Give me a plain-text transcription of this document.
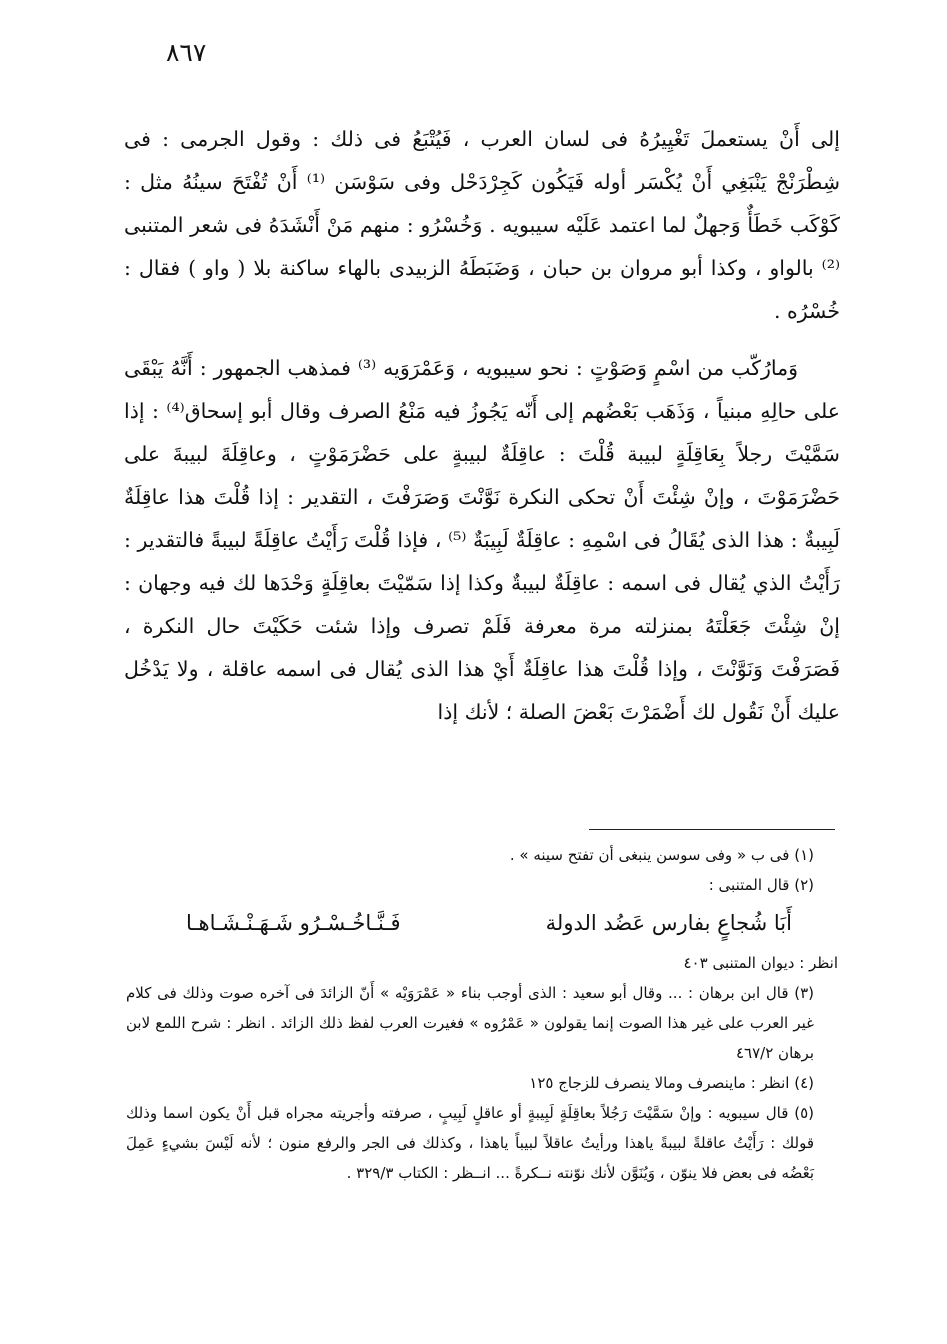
٨٦٧

إلى أَنْ يستعملَ تَغْيِيرُهُ فى لسان العرب ، فَيُتْبَعُ فى ذلك : وقول الجرمى : فى شِطْرَنْجْ يَنْبَغِي أَنْ يُكْسَر أوله فَيَكُون كَجِرْدَحْل وفى سَوْسَن ⁽¹⁾ أَنْ تُفْتَحَ سينُهُ مثل : كَوْكَب خَطَأٌ وَجهلٌ لما اعتمد عَلَيْه سيبويه . وَخُسْرُو : منهم مَنْ أَنْشَدَهُ فى شعر المتنبى ⁽²⁾ بالواو ، وكذا أبو مروان بن حبان ، وَضَبَطَهُ الزبيدى بالهاء ساكنة بلا ( واو ) فقال : خُسْرُه .

وَمارُكّب من اسْمٍ وَصَوْتٍ : نحو سيبويه ، وَعَمْرَوَيه ⁽³⁾ فمذهب الجمهور : أَنَّهُ يَبْقَى على حالِهِ مبنياً ، وَذَهَب بَعْضُهم إلى أَنّه يَجُوزُ فيه مَنْعُ الصرف وقال أبو إسحاق⁽⁴⁾ : إذا سَمَّيْتَ رجلاً بِعَاقِلَةٍ لبيبة قُلْتَ : عاقِلَةٌ لبيبةٍ على حَضْرَمَوْتٍ ، وعاقِلَةَ لبيبةَ على حَضْرَمَوْتَ ، وإنْ شِئْتَ أَنْ تحكى النكرة نَوَّنْتَ وَصَرَفْتَ ، التقدير : إذا قُلْتَ هذا عاقِلَةٌ لَبِيبةٌ : هذا الذى يُقَالُ فى اسْمِهِ : عاقِلَةٌ لَبِيبَةٌ ⁽⁵⁾ ، فإذا قُلْتَ رَأَيْتُ عاقِلَةً لبيبةً فالتقدير : رَأَيْتُ الذي يُقال فى اسمه : عاقِلَةٌ لبيبةٌ وكذا إذا سَمّيْتَ بعاقِلَةٍ وَحْدَها لك فيه وجهان : إنْ شِئْتَ جَعَلْتَهُ بمنزلته مرة معرفة فَلَمْ تصرف وإذا شئت حَكَيْتَ حال النكرة ، فَصَرَفْتَ وَنَوَّنْتَ ، وإذا قُلْتَ هذا عاقِلَةٌ أَيْ هذا الذى يُقال فى اسمه عاقلة ، ولا يَدْخُل عليك أَنْ نَقُول لك أَضْمَرْتَ بَعْضَ الصلة ؛ لأنك إذا

(١) فى ب « وفى سوسن ينبغى أن تفتح سينه » .

(٢) قال المتنبى :

أَبَا شُجاعٍ بفارس عَضُد الدولة
فَـنَّـاخُـسْـرُو شَـهَـنْـشَـاهـا

انظر : ديوان المتنبى ٤٠٣

(٣) قال ابن برهان : ... وقال أبو سعيد : الذى أوجب بناء « عَمْرَوَيْه » أَنّ الزائدَ فى آخره صوت وذلك فى كلام غير العرب على غير هذا الصوت إنما يقولون « عَمْرُوه » فغيرت العرب لفظ ذلك الزائد . انظر : شرح اللمع لابن برهان ٤٦٧/٢

(٤) انظر : ماينصرف ومالا ينصرف للزجاج ١٢٥

(٥) قال سيبويه : وإنْ سَمَّيْتَ رَجُلاً بعاقِلَةٍ لَبِيبةٍ أو عاقلٍ لَبِيبٍ ، صرفته وأجريته مجراه قبل أَنْ يكون اسما وذلك قولك : رَأَيْتُ عاقلةً لبيبةً ياهذا ورأيتُ عاقلاً لبيباً ياهذا ، وكذلك فى الجر والرفع منون ؛ لأنه لَيْسَ بشيءٍ عَمِلَ بَعْضُه فى بعض فلا ينوّن ، وَيُنَوَّن لأنك نوّنته نــكرةً ... انــظر : الكتاب ٣٢٩/٣ .
